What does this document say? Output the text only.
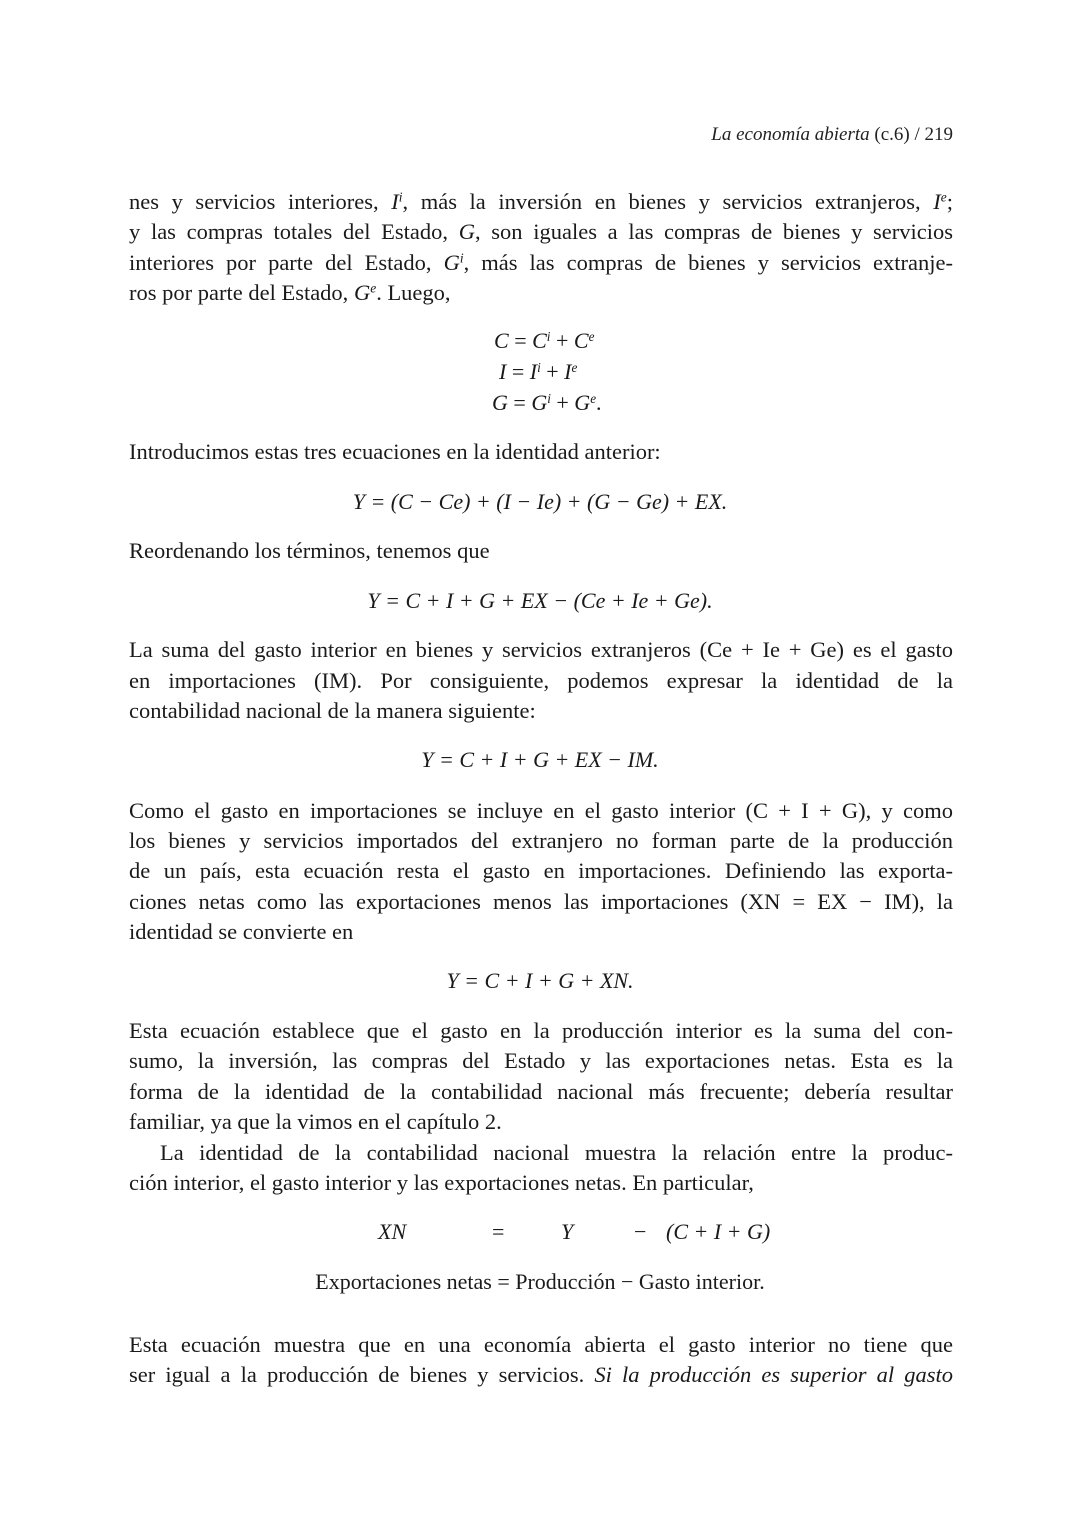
La economía abierta (c.6) / 219
nes y servicios interiores, $I^i$, más la inversión en bienes y servicios extranjeros, Ie;
y las compras totales del Estado, G, son iguales a las compras de bienes y servicios
interiores por parte del Estado, $G^i$, más las compras de bienes y servicios extranje-
ros por parte del Estado, $G^e$. Luego,
$C = C^i + C^e$
$I = I^i + I^e$
$G = G^i + G^e$.
Introducimos estas tres ecuaciones en la identidad anterior:
Y = (C − Ce) + (I − Ie) + (G − Ge) + EX.
Reordenando los términos, tenemos que
Y = C + I + G + EX − (Ce + Ie + Ge).
La suma del gasto interior en bienes y servicios extranjeros (Ce + Ie + Ge) es el gasto
en importaciones (IM). Por consiguiente, podemos expresar la identidad de la
contabilidad nacional de la manera siguiente:
Y = C + I + G + EX − IM.
Como el gasto en importaciones se incluye en el gasto interior (C + I + G), y como
los bienes y servicios importados del extranjero no forman parte de la producción
de un país, esta ecuación resta el gasto en importaciones. Definiendo las exporta-
ciones netas como las exportaciones menos las importaciones (XN = EX − IM), la
identidad se convierte en
Y = C + I + G + XN.
Esta ecuación establece que el gasto en la producción interior es la suma del con-
sumo, la inversión, las compras del Estado y las exportaciones netas. Esta es la
forma de la identidad de la contabilidad nacional más frecuente; debería resultar
familiar, ya que la vimos en el capítulo 2.
La identidad de la contabilidad nacional muestra la relación entre la produc-
ción interior, el gasto interior y las exportaciones netas. En particular,
XN	=	Y	− (C + I + G)
Exportaciones netas = Producción − Gasto interior.
Esta ecuación muestra que en una economía abierta el gasto interior no tiene que
ser igual a la producción de bienes y servicios. Si la producción es superior al gasto
